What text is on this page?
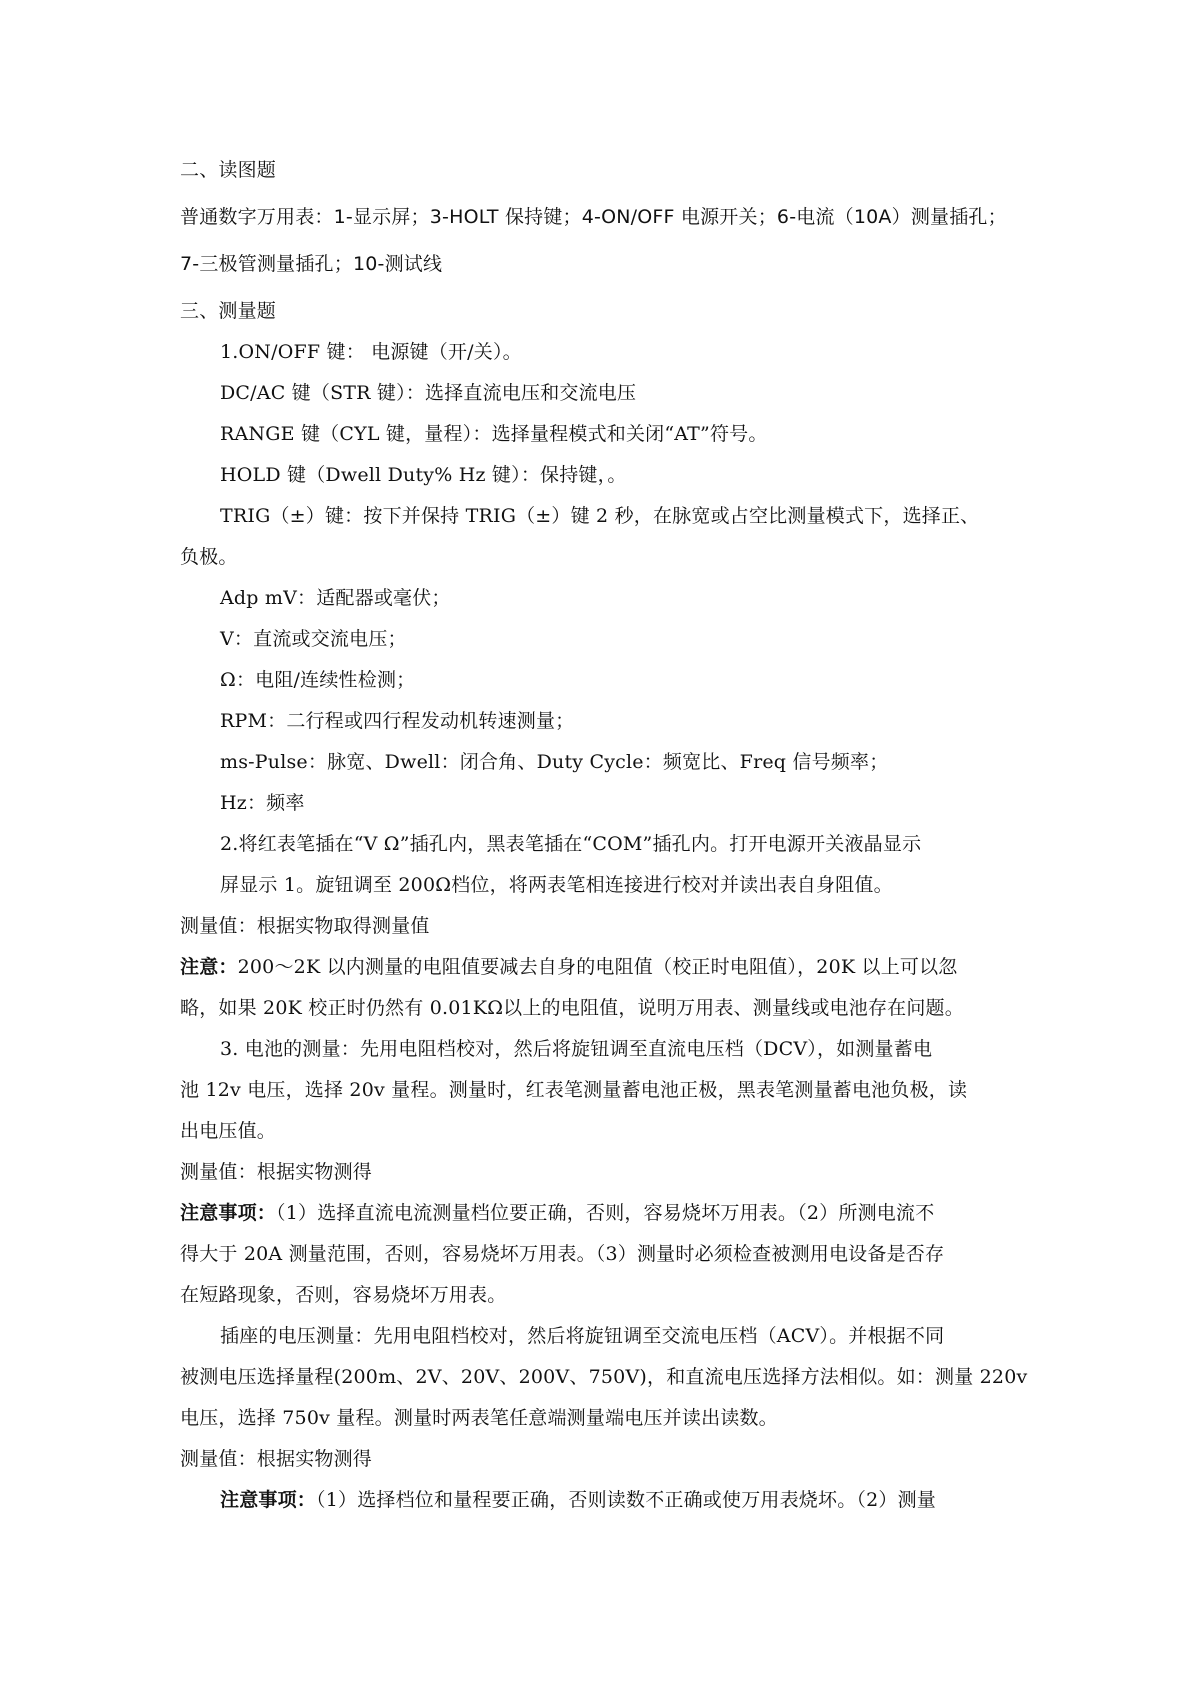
二、读图题
普通数字万用表：1-显示屏；3-HOLT 保持键；4-ON/OFF 电源开关；6-电流（10A）测量插孔；
7-三极管测量插孔；10-测试线
三、测量题
1.ON/OFF 键： 电源键（开/关）。
DC/AC 键（STR 键）：选择直流电压和交流电压
RANGE 键（CYL 键，量程）：选择量程模式和关闭“AT”符号。
HOLD 键（Dwell Duty% Hz 键）：保持键，。
TRIG（±）键：按下并保持 TRIG（±）键 2 秒，在脉宽或占空比测量模式下，选择正、
负极。
Adp mV：适配器或毫伏；
V：直流或交流电压；
Ω：电阻/连续性检测；
RPM：二行程或四行程发动机转速测量；
ms-Pulse：脉宽、Dwell：闭合角、Duty Cycle：频宽比、Freq 信号频率；
Hz：频率
2.将红表笔插在“V Ω”插孔内，黑表笔插在“COM”插孔内。打开电源开关液晶显示
屏显示 1。旋钮调至 200Ω档位，将两表笔相连接进行校对并读出表自身阻值。
测量值：根据实物取得测量值
注意：200～2K 以内测量的电阻值要减去自身的电阻值（校正时电阻值），20K 以上可以忽
略，如果 20K 校正时仍然有 0.01KΩ以上的电阻值，说明万用表、测量线或电池存在问题。
3. 电池的测量：先用电阻档校对，然后将旋钮调至直流电压档（DCV），如测量蓄电
池 12v 电压，选择 20v 量程。测量时，红表笔测量蓄电池正极，黑表笔测量蓄电池负极，读
出电压值。
测量值：根据实物测得
注意事项：（1）选择直流电流测量档位要正确，否则，容易烧坏万用表。（2）所测电流不
得大于 20A 测量范围，否则，容易烧坏万用表。（3）测量时必须检查被测用电设备是否存
在短路现象，否则，容易烧坏万用表。
插座的电压测量：先用电阻档校对，然后将旋钮调至交流电压档（ACV）。并根据不同
被测电压选择量程(200m、2V、20V、200V、750V)，和直流电压选择方法相似。如：测量 220v
电压，选择 750v 量程。测量时两表笔任意端测量端电压并读出读数。
测量值：根据实物测得
注意事项：（1）选择档位和量程要正确，否则读数不正确或使万用表烧坏。（2）测量
